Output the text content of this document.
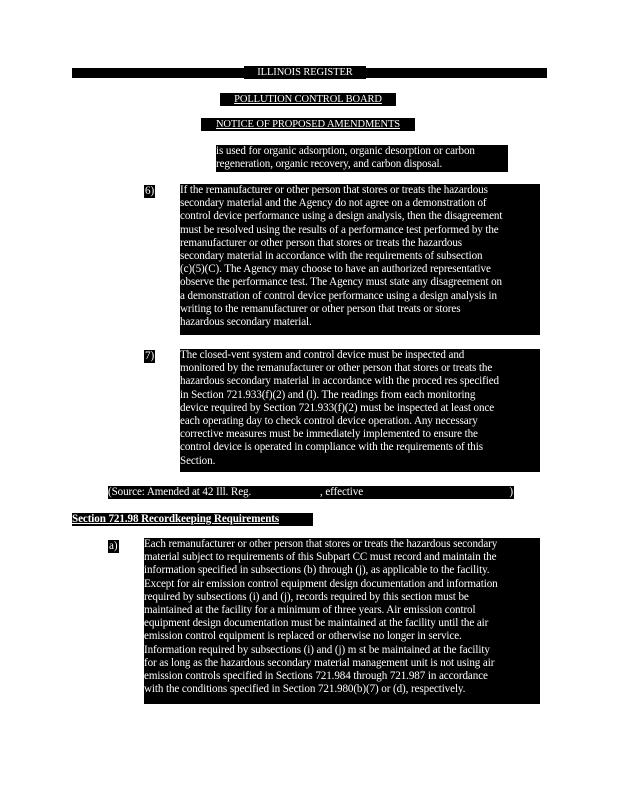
ILLINOIS REGISTER
POLLUTION CONTROL BOARD
NOTICE OF PROPOSED AMENDMENTS
is used for organic adsorption, organic desorption or carbon
regeneration, organic recovery, and carbon disposal.
6) If the remanufacturer or other person that stores or treats the hazardous
secondary material and the Agency do not agree on a demonstration of
control device performance using a design analysis, then the disagreement
must be resolved using the results of a performance test performed by the
remanufacturer or other person that stores or treats the hazardous
secondary material in accordance with the requirements of subsection
(c)(5)(C). The Agency may choose to have an authorized representative
observe the performance test. The Agency must state any disagreement on
a demonstration of control device performance using a design analysis in
writing to the remanufacturer or other person that treats or stores
hazardous secondary material.
7) The closed-vent system and control device must be inspected and
monitored by the remanufacturer or other person that stores or treats the
hazardous secondary material in accordance with the proced res specified
in Section 721.933(f)(2) and (l). The readings from each monitoring
device required by Section 721.933(f)(2) must be inspected at least once
each operating day to check control device operation. Any necessary
corrective measures must be immediately implemented to ensure the
control device is operated in compliance with the requirements of this
Section.
(Source: Amended at 42 Ill. Reg.	, effective	)
Section 721.98 Recordkeeping Requirements
a) Each remanufacturer or other person that stores or treats the hazardous secondary
material subject to requirements of this Subpart CC must record and maintain the
information specified in subsections (b) through (j), as applicable to the facility.
Except for air emission control equipment design documentation and information
required by subsections (i) and (j), records required by this section must be
maintained at the facility for a minimum of three years. Air emission control
equipment design documentation must be maintained at the facility until the air
emission control equipment is replaced or otherwise no longer in service.
Information required by subsections (i) and (j) m st be maintained at the facility
for as long as the hazardous secondary material management unit is not using air
emission controls specified in Sections 721.984 through 721.987 in accordance
with the conditions specified in Section 721.980(b)(7) or (d), respectively.
